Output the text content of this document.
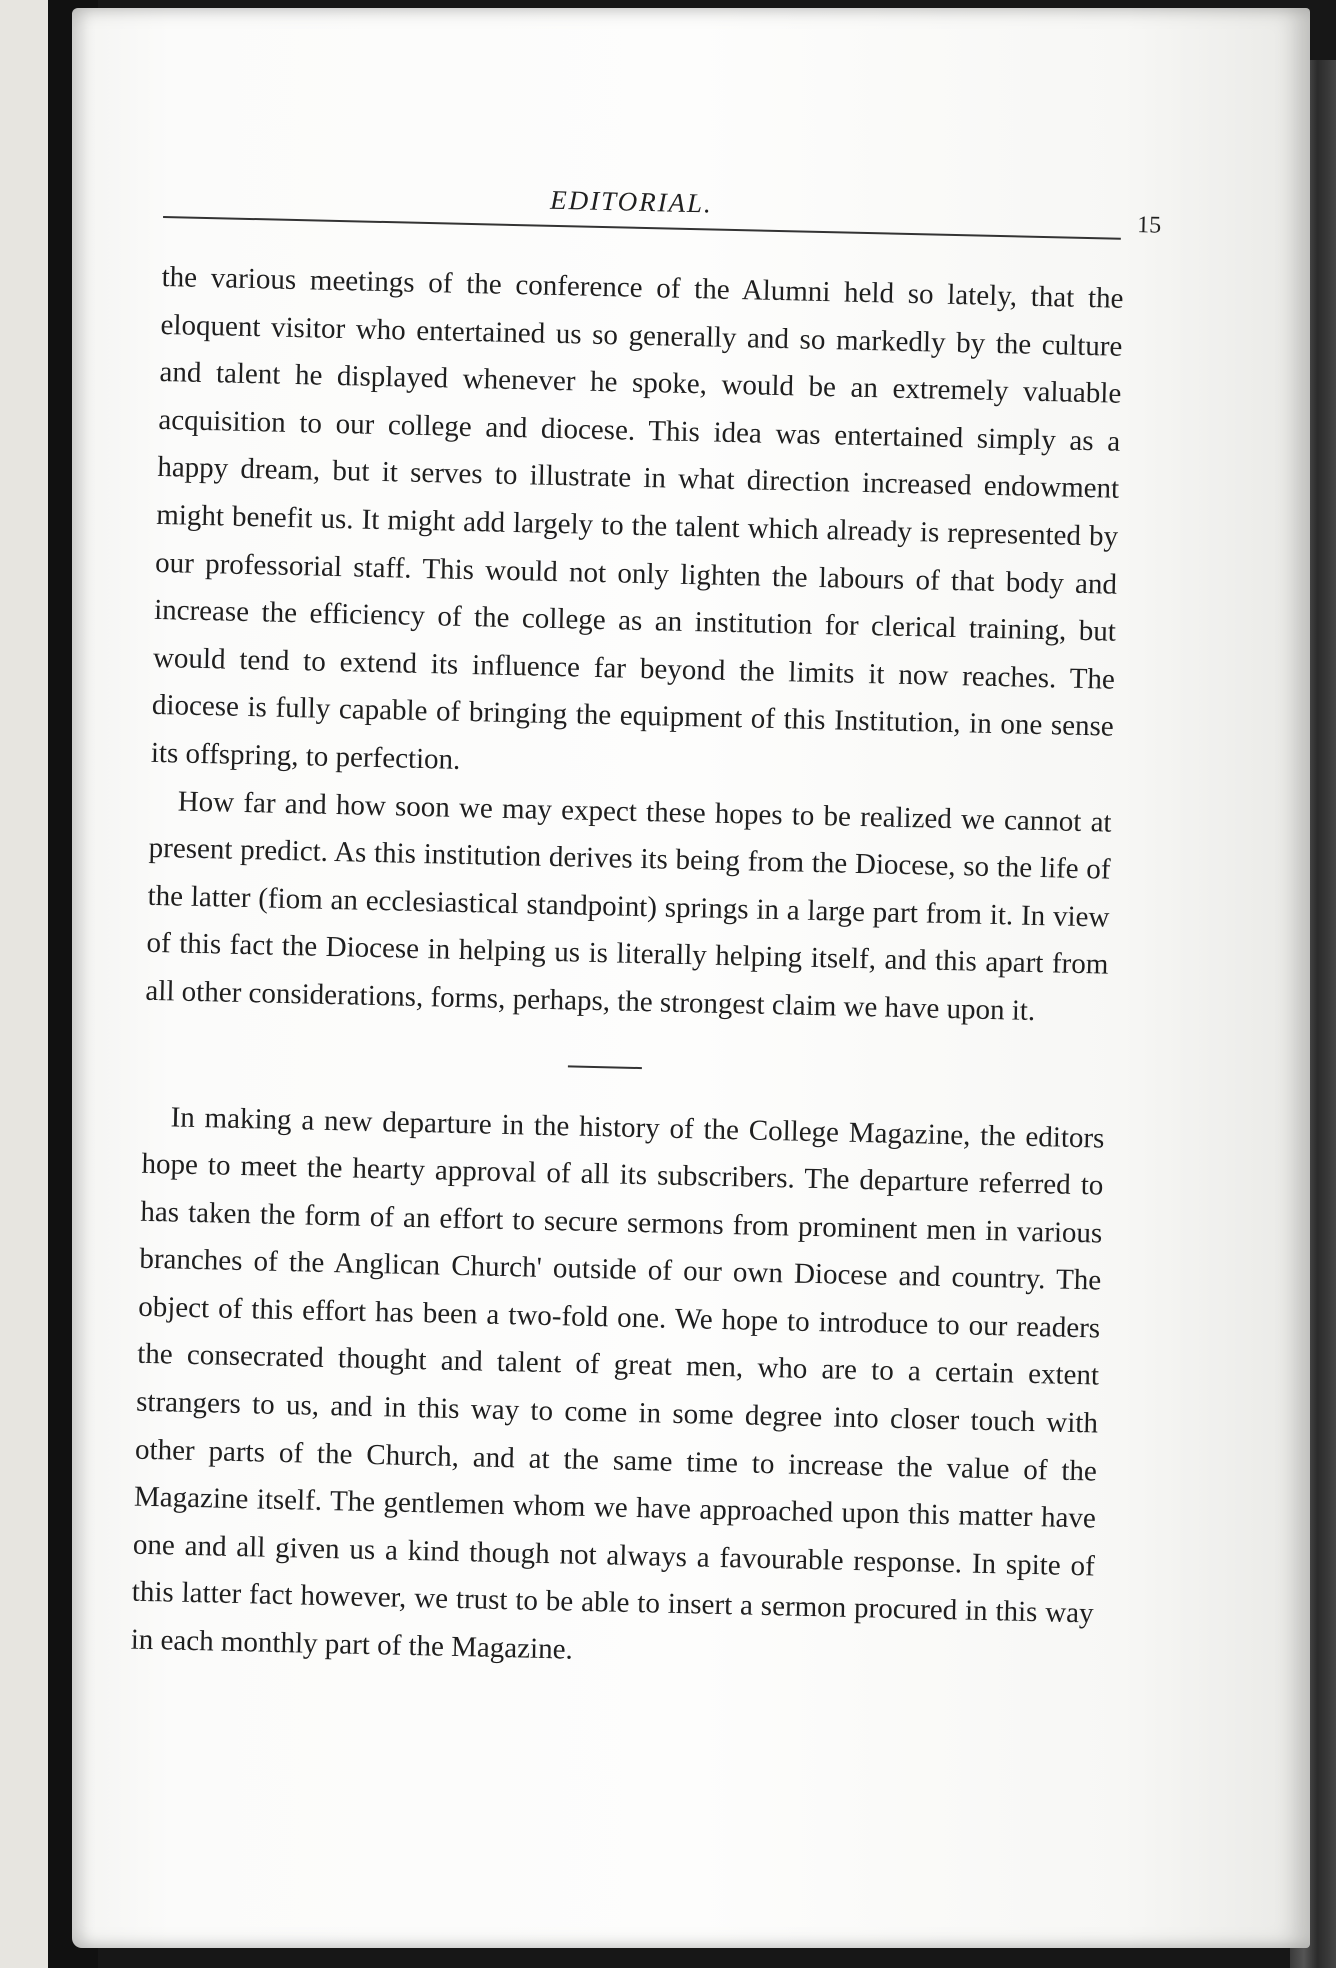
EDITORIAL.
15

the various meetings of the conference of the Alumni held so lately, that the eloquent visitor who entertained us so generally and so markedly by the culture and talent he displayed whenever he spoke, would be an extremely valuable acquisition to our college and diocese. This idea was entertained simply as a happy dream, but it serves to illustrate in what direction increased endowment might benefit us. It might add largely to the talent which already is represented by our professorial staff. This would not only lighten the labours of that body and increase the efficiency of the college as an institution for clerical training, but would tend to extend its influence far beyond the limits it now reaches. The diocese is fully capable of bringing the equipment of this Institution, in one sense its offspring, to perfection.

How far and how soon we may expect these hopes to be realized we cannot at present predict. As this institution derives its being from the Diocese, so the life of the latter (fiom an ecclesiastical standpoint) springs in a large part from it. In view of this fact the Diocese in helping us is literally helping itself, and this apart from all other considerations, forms, perhaps, the strongest claim we have upon it.

In making a new departure in the history of the College Magazine, the editors hope to meet the hearty approval of all its subscribers. The departure referred to has taken the form of an effort to secure sermons from prominent men in various branches of the Anglican Church' outside of our own Diocese and country. The object of this effort has been a two-fold one. We hope to introduce to our readers the consecrated thought and talent of great men, who are to a certain extent strangers to us, and in this way to come in some degree into closer touch with other parts of the Church, and at the same time to increase the value of the Magazine itself. The gentlemen whom we have approached upon this matter have one and all given us a kind though not always a favourable response. In spite of this latter fact however, we trust to be able to insert a sermon procured in this way in each monthly part of the Magazine.
